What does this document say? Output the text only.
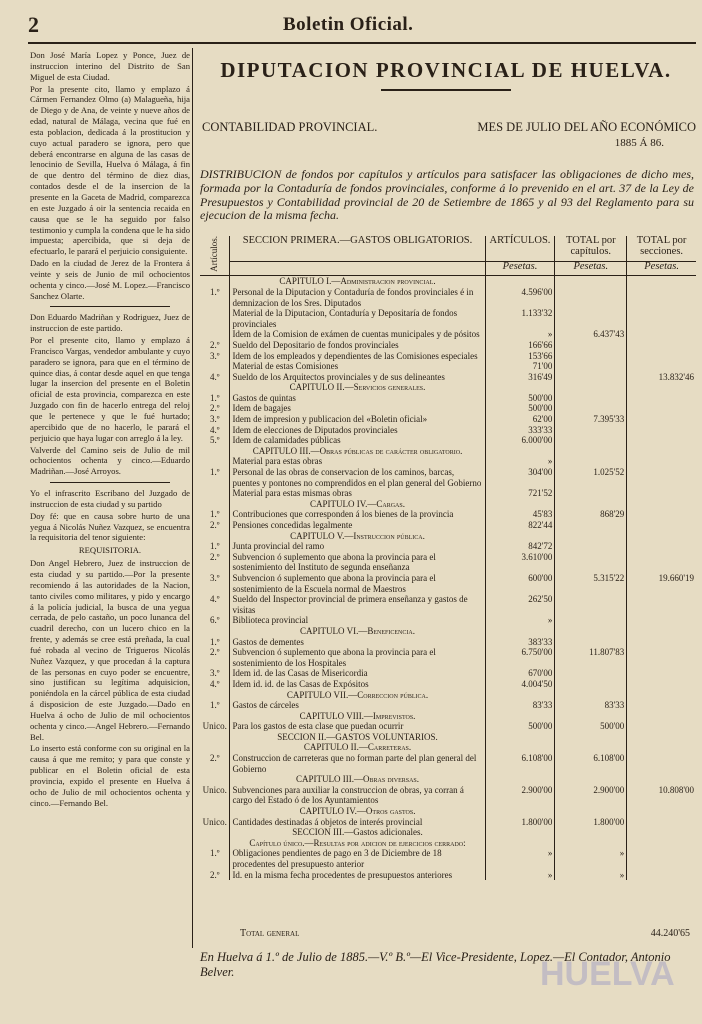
2	Boletin Oficial.

Don José María Lopez y Ponce, Juez de instruccion interino del Distrito de San Miguel de esta Ciudad.

Por la presente cito, llamo y emplazo á Cármen Fernandez Olmo (a) Malagueña, hija de Diego y de Ana, de veinte y nueve años de edad, natural de Málaga, vecina que fué en esta poblacion, dedicada á la prostitucion y cuyo actual paradero se ignora, pero que deberá encontrarse en alguna de las casas de lenocinio de Sevilla, Huelva ó Málaga, á fin de que dentro del término de diez dias, contados desde el de la insercion de la presente en la Gaceta de Madrid, comparezca en este Juzgado á oir la sentencia recaida en causa que se le ha seguido por falso testimonio y cumpla la condena que le ha sido impuesta; apercibida, que si deja de efectuarlo, le parará el perjuicio consiguiente.

Dado en la ciudad de Jerez de la Frontera á veinte y seis de Junio de mil ochocientos ochenta y cinco.—José M. Lopez.—Francisco Sanchez Olarte.

Don Eduardo Madriñan y Rodriguez, Juez de instruccion de este partido.

Por el presente cito, llamo y emplazo á Francisco Vargas, vendedor ambulante y cuyo paradero se ignora, para que en el término de quince dias, á contar desde aquel en que tenga lugar la insercion del presente en el Boletin oficial de esta provincia, comparezca en este Juzgado con fin de hacerlo entrega del reloj que le pertenece y que le fué hurtado; apercibido que de no hacerlo, le parará el perjuicio que haya lugar con arreglo á la ley.

Valverde del Camino seis de Julio de mil ochocientos ochenta y cinco.—Eduardo Madriñan.—José Arroyos.

Yo el infrascrito Escribano del Juzgado de instruccion de esta ciudad y su partido

Doy fé: que en causa sobre hurto de una yegua á Nicolás Nuñez Vazquez, se encuentra la requisitoria del tenor siguiente:

REQUISITORIA.

Don Angel Hebrero, Juez de instruccion de esta ciudad y su partido.—Por la presente recomiendo á las autoridades de la Nacion, tanto civiles como militares, y pido y encargo á la policía judicial, la busca de una yegua cerrada, de pelo castaño, un poco lunanca del cuadril derecho, con un lucero chico en la frente, y además se cree está preñada, la cual fué robada al vecino de Trigueros Nicolás Nuñez Vazquez, y que procedan á la captura de las personas en cuyo poder se encuentre, sino justifican su legítima adquisicion, poniéndola en la cárcel pública de esta ciudad á disposicion de este Juzgado.—Dado en Huelva á ocho de Julio de mil ochocientos ochenta y cinco.—Angel Hebrero.—Fernando Bel.

Lo inserto está conforme con su original en la causa á que me remito; y para que conste y publicar en el Boletin oficial de esta provincia, expido el presente en Huelva á ocho de Julio de mil ochocientos ochenta y cinco.—Fernando Bel.

DIPUTACION PROVINCIAL DE HUELVA.
CONTABILIDAD PROVINCIAL.	MES DE JULIO DEL AÑO ECONÓMICO
1885 Á 86.
DISTRIBUCION de fondos por capítulos y artículos para satisfacer las obligaciones de dicho mes, formada por la Contaduría de fondos provinciales, conforme á lo prevenido en el art. 37 de la Ley de Presupuestos y Contabilidad provincial de 20 de Setiembre de 1865 y al 93 del Reglamento para su ejecucion de la misma fecha.
Artículos.	SECCION PRIMERA.—GASTOS OBLIGATORIOS.	ARTÍCULOS.	TOTAL por capítulos.	TOTAL por secciones.
		Pesetas.	Pesetas.	Pesetas.
	CAPITULO I.—Administracion provincial.			
1.º	Personal de la Diputacion y Contaduría de fondos provinciales é in demnizacion de los Sres. Diputados	4.596'00		
	Material de la Diputacion, Contaduría y Depositaría de fondos provinciales	1.133'32		
	Idem de la Comision de exámen de cuentas municipales y de pósitos	»	6.437'43	
2.º	Sueldo del Depositario de fondos provinciales	166'66		
3.º	Idem de los empleados y dependientes de las Comisiones especiales	153'66		
	Material de estas Comisiones	71'00		
4.º	Sueldo de los Arquitectos provinciales y de sus delineantes	316'49		13.832'46
	CAPITULO II.—Servicios generales.			
1.º	Gastos de quintas	500'00		
2.º	Idem de bagajes	500'00		
3.º	Idem de impresion y publicacion del «Boletin oficial»	62'00	7.395'33	
4.º	Idem de elecciones de Diputados provinciales	333'33		
5.º	Idem de calamidades públicas	6.000'00		
	CAPITULO III.—Obras públicas de carácter obligatorio.			
	Material para estas obras	»		
1.º	Personal de las obras de conservacion de los caminos, barcas, puentes y pontones no comprendidos en el plan general del Gobierno	304'00	1.025'52	
	Material para estas mismas obras	721'52		
	CAPITULO IV.—Cargas.			
1.º	Contribuciones que corresponden á los bienes de la provincia	45'83	868'29	
2.º	Pensiones concedidas legalmente	822'44		
	CAPITULO V.—Instruccion pública.			
1.º	Junta provincial del ramo	842'72		
2.º	Subvencion ó suplemento que abona la provincia para el sostenimiento del Instituto de segunda enseñanza	3.610'00		
3.º	Subvencion ó suplemento que abona la provincia para el sostenimiento de la Escuela normal de Maestros	600'00	5.315'22	19.660'19
4.º	Sueldo del Inspector provincial de primera enseñanza y gastos de visitas	262'50		
6.º	Biblioteca provincial	»		
	CAPITULO VI.—Beneficencia.			
1.º	Gastos de dementes	383'33		
2.º	Subvencion ó suplemento que abona la provincia para el sostenimiento de los Hospitales	6.750'00	11.807'83	
3.º	Idem id. de las Casas de Misericordia	670'00		
4.º	Idem id. id. de las Casas de Expósitos	4.004'50		
	CAPITULO VII.—Correccion pública.			
1.º	Gastos de cárceles	83'33	83'33	
	CAPITULO VIII.—Imprevistos.			
Unico.	Para los gastos de esta clase que puedan ocurrir	500'00	500'00	
	SECCION II.—GASTOS VOLUNTARIOS.			
	CAPITULO II.—Carreteras.			
2.º	Construccion de carreteras que no forman parte del plan general del Gobierno	6.108'00	6.108'00	
	CAPITULO III.—Obras diversas.			
Unico.	Subvenciones para auxiliar la construccion de obras, ya corran á cargo del Estado ó de los Ayuntamientos	2.900'00	2.900'00	10.808'00
	CAPITULO IV.—Otros gastos.			
Unico.	Cantidades destinadas á objetos de interés provincial	1.800'00	1.800'00	
	SECCION III.—Gastos adicionales.			
	Capítulo único.—Resultas por adicion de ejercicios cerrado:			
1.º	Obligaciones pendientes de pago en 3 de Diciembre de 18 procedentes del presupuesto anterior	»	»	
2.º	Id. en la misma fecha procedentes de presupuestos anteriores	»	»	
Total general	44.240'65
En Huelva á 1.º de Julio de 1885.—V.º B.º—El Vice-Presidente, Lopez.—El Contador, Antonio Belver.	HUELVA
